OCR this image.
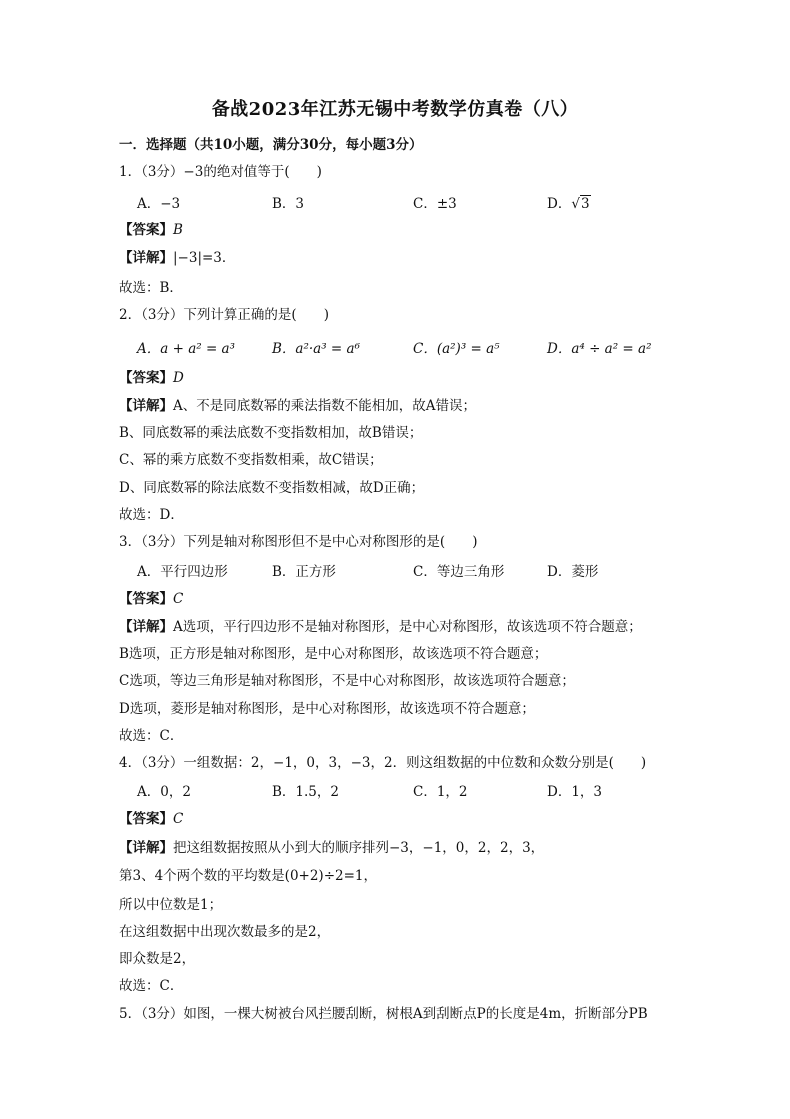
备战2023年江苏无锡中考数学仿真卷（八）
一．选择题（共10小题，满分30分，每小题3分）
1．（3分）−3的绝对值等于(　　)
A．−3	B．3	C．±3	D．√3
【答案】B
【详解】|−3|=3．
故选：B．
2．（3分）下列计算正确的是(　　)
A．a + a² = a³	B．a²·a³ = a⁶	C．(a²)³ = a⁵	D．a⁴ ÷ a² = a²
【答案】D
【详解】A、不是同底数幂的乘法指数不能相加，故A错误；
B、同底数幂的乘法底数不变指数相加，故B错误；
C、幂的乘方底数不变指数相乘，故C错误；
D、同底数幂的除法底数不变指数相减，故D正确；
故选：D．
3．（3分）下列是轴对称图形但不是中心对称图形的是(　　)
A．平行四边形	B．正方形	C．等边三角形	D．菱形
【答案】C
【详解】A选项，平行四边形不是轴对称图形，是中心对称图形，故该选项不符合题意；
B选项，正方形是轴对称图形，是中心对称图形，故该选项不符合题意；
C选项，等边三角形是轴对称图形，不是中心对称图形，故该选项符合题意；
D选项，菱形是轴对称图形，是中心对称图形，故该选项不符合题意；
故选：C．
4．（3分）一组数据：2，−1，0，3，−3，2．则这组数据的中位数和众数分别是(　　)
A．0，2	B．1.5，2	C．1，2	D．1，3
【答案】C
【详解】把这组数据按照从小到大的顺序排列−3，−1，0，2，2，3，
第3、4个两个数的平均数是(0+2)÷2=1，
所以中位数是1；
在这组数据中出现次数最多的是2，
即众数是2，
故选：C．
5．（3分）如图，一棵大树被台风拦腰刮断，树根A到刮断点P的长度是4m，折断部分PB
